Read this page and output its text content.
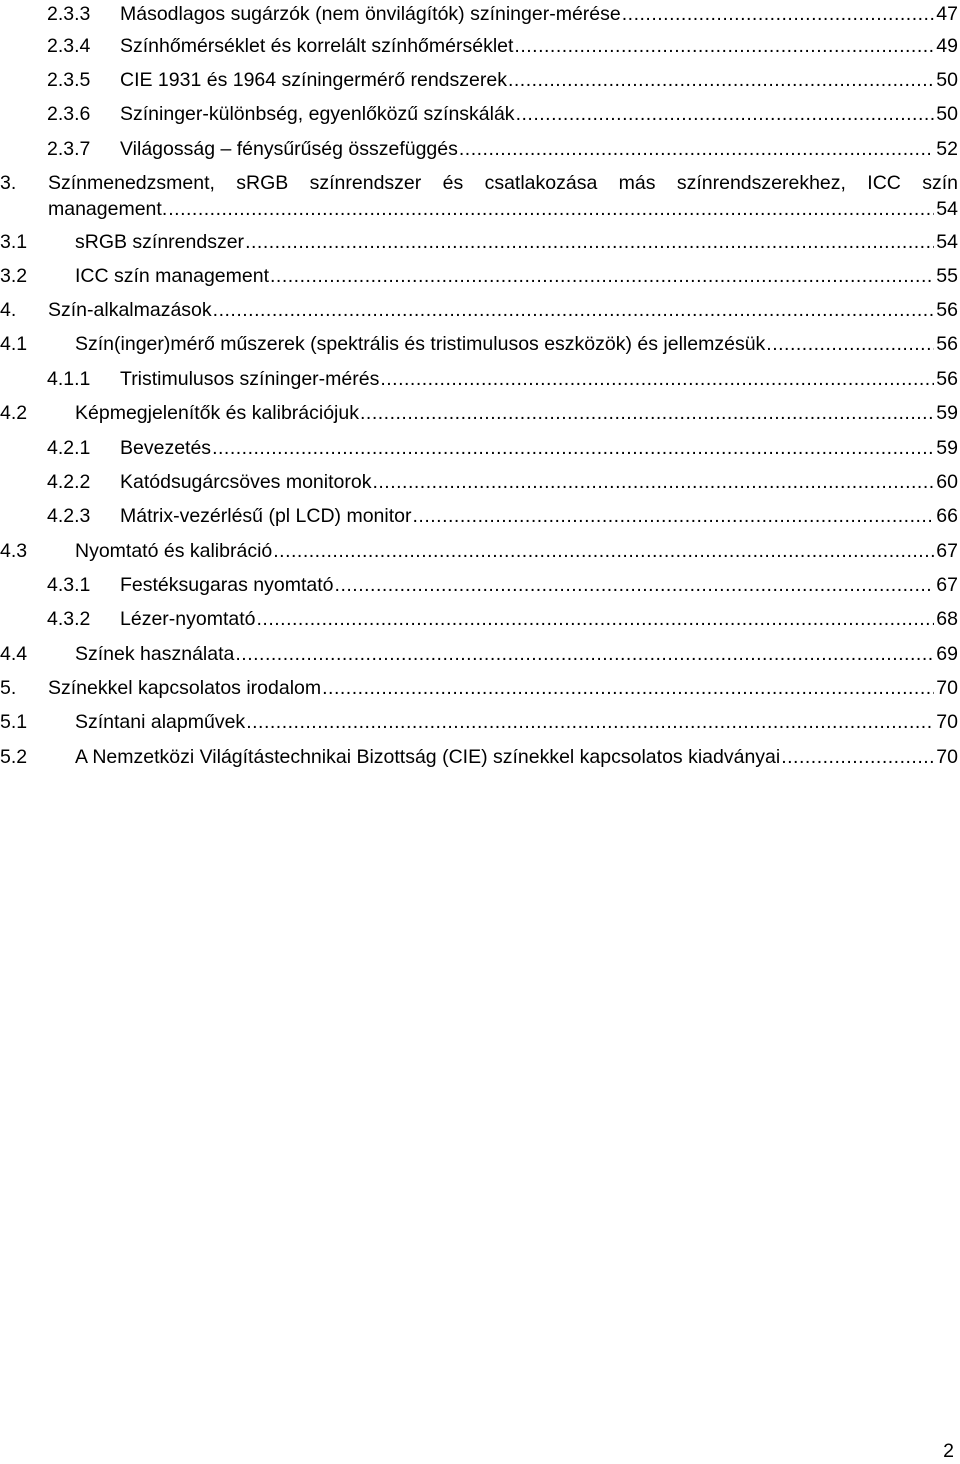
2.3.3 Másodlagos sugárzók (nem önvilágítók) színinger-mérése .....	47
2.3.4 Színhőmérséklet és korrelált színhőmérséklet .....	49
2.3.5 CIE 1931 és 1964 színingermérő rendszerek .....	50
2.3.6 Színinger-különbség, egyenlőközű színskálák .....	50
2.3.7 Világosság – fénysűrűség összefüggés .....	52
3. Színmenedzsment, sRGB színrendszer és csatlakozása más színrendszerekhez, ICC szín
management. .....	54
3.1 sRGB színrendszer .....	54
3.2 ICC szín management .....	55
4. Szín-alkalmazások .....	56
4.1 Szín(inger)mérő műszerek (spektrális és tristimulusos eszközök) és jellemzésük .....	56
4.1.1 Tristimulusos színinger-mérés .....	56
4.2 Képmegjelenítők és kalibrációjuk .....	59
4.2.1 Bevezetés .....	59
4.2.2 Katódsugárcsöves monitorok .....	60
4.2.3 Mátrix-vezérlésű (pl LCD) monitor .....	66
4.3 Nyomtató és kalibráció .....	67
4.3.1 Festéksugaras nyomtató .....	67
4.3.2 Lézer-nyomtató .....	68
4.4 Színek használata .....	69
5. Színekkel kapcsolatos irodalom .....	70
5.1 Színtani alapművek .....	70
5.2 A Nemzetközi Világítástechnikai Bizottság (CIE) színekkel kapcsolatos kiadványai .....	70
2
